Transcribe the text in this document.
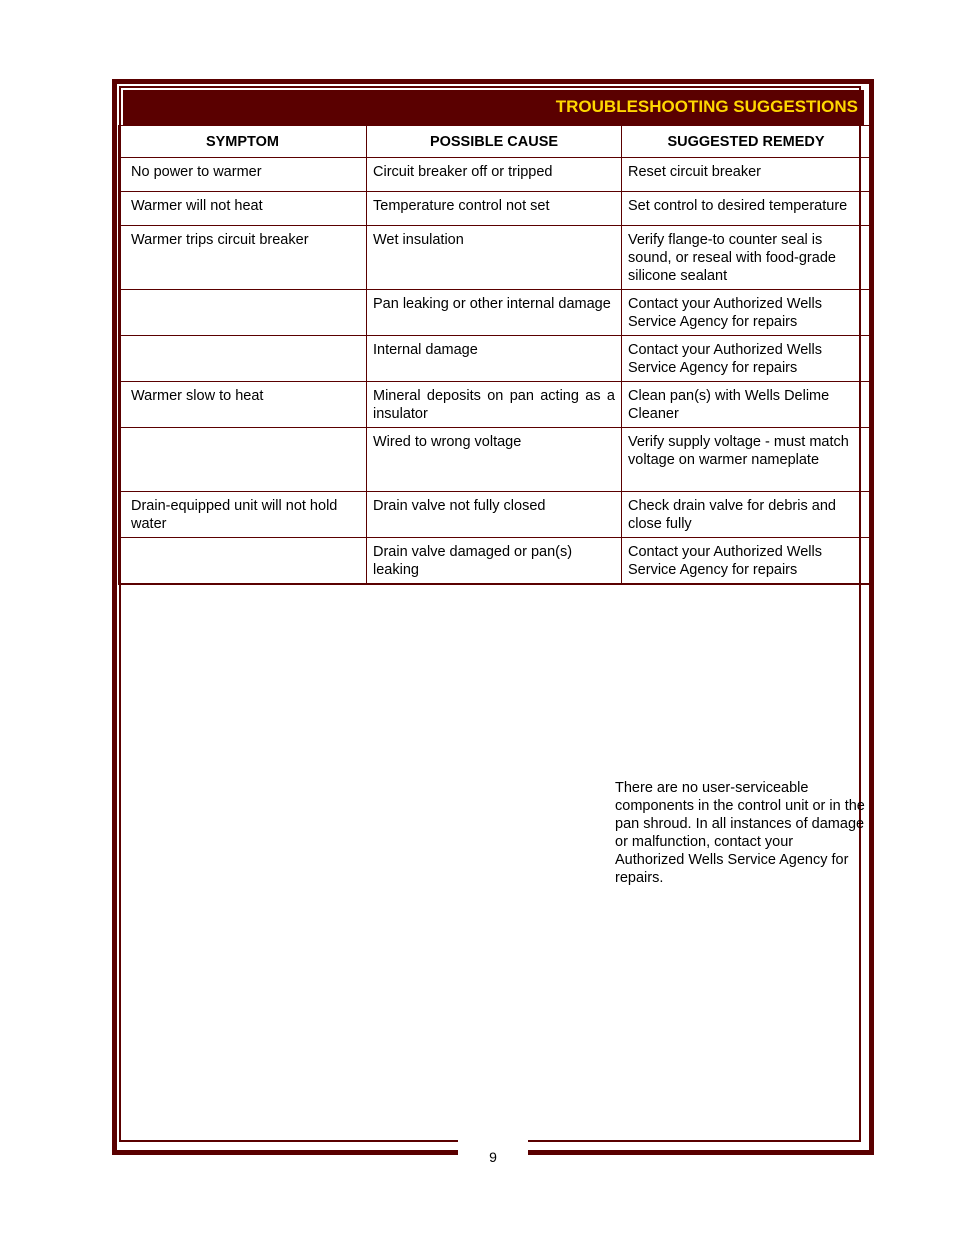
9
TROUBLESHOOTING SUGGESTIONS
SYMPTOM	POSSIBLE CAUSE	SUGGESTED REMEDY
No power to warmer	Circuit breaker off or tripped	Reset circuit breaker
Warmer will not heat	Temperature control not set	Set control to desired temperature
Warmer trips circuit breaker	Wet insulation	Verify flange-to counter seal is sound, or reseal with food-grade silicone sealant
	Pan leaking or other internal damage	Contact your Authorized Wells Service Agency for repairs
	Internal damage	Contact your Authorized Wells Service Agency for repairs
Warmer slow to heat	Mineral deposits on pan acting as a insulator	Clean pan(s) with Wells Delime Cleaner
	Wired to wrong voltage	Verify supply voltage - must match voltage on warmer nameplate
Drain-equipped unit will not hold water	Drain valve not fully closed	Check drain valve for debris and close fully
	Drain valve damaged or pan(s) leaking	Contact your Authorized Wells Service Agency for repairs
There are no user-serviceable components in the control unit or in the pan shroud. In all instances of damage or malfunction, contact your Authorized Wells Service Agency for repairs.
